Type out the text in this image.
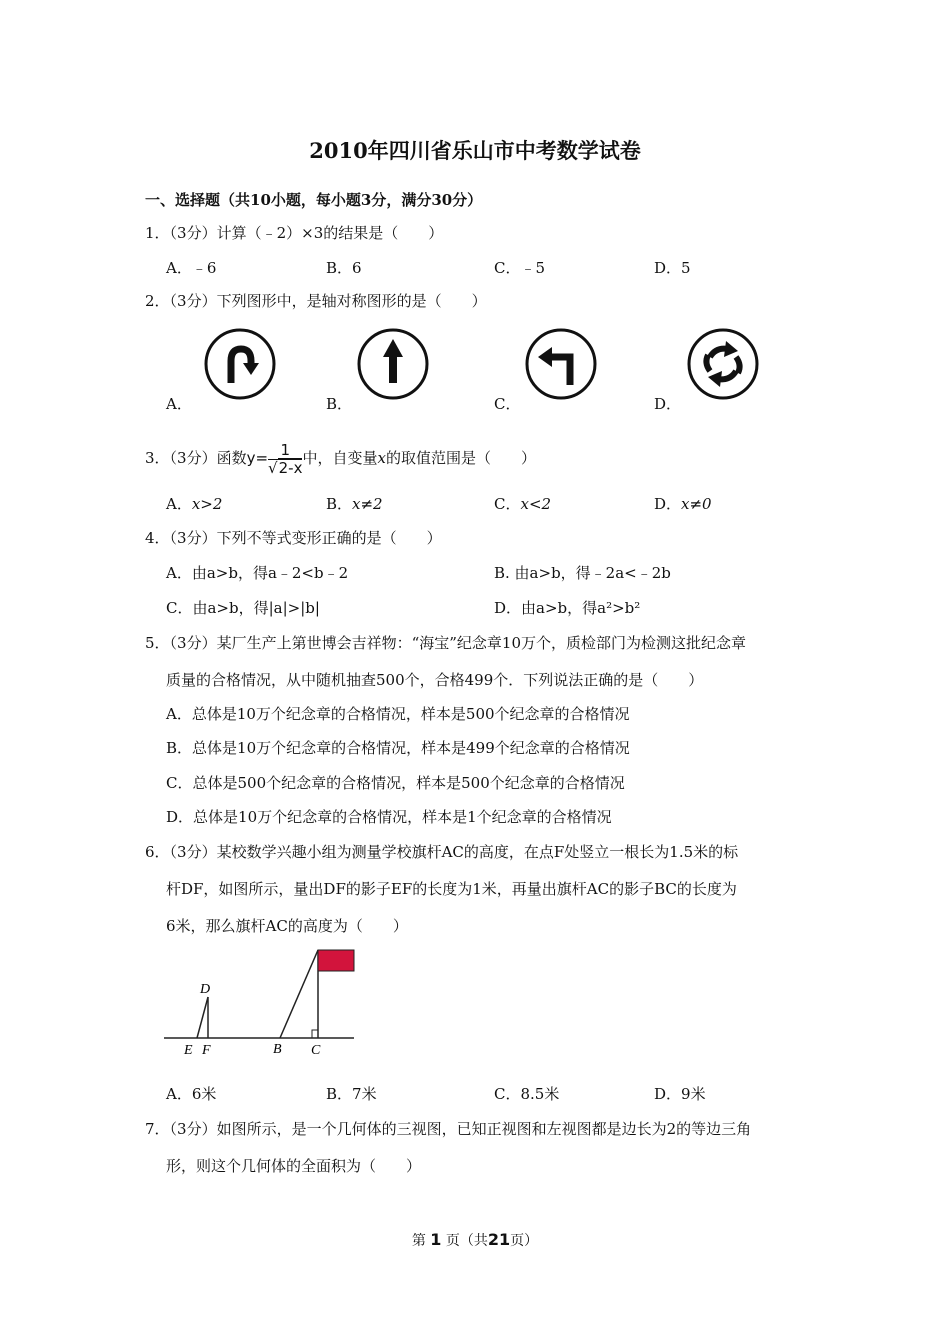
2010年四川省乐山市中考数学试卷
一、选择题（共10小题，每小题3分，满分30分）
1．（3分）计算（﹣2）×3的结果是（　　）
A．﹣6	B．6	C．﹣5	D．5
2．（3分）下列图形中，是轴对称图形的是（　　）
A．	B．	C．	D．
3．（3分）函数$y= \frac{1}{√2-x}$ 中，自变量x的取值范围是（　　）
A．x>2	B．x≠2	C．x<2	D．x≠0
4．（3分）下列不等式变形正确的是（　　）
A．由a>b，得a﹣2<b﹣2	B. 由a>b，得﹣2a<﹣2b
C．由a>b，得|a|>|b|	D．由a>b，得a²>b²
5．（3分）某厂生产上第世博会吉祥物：“海宝”纪念章10万个，质检部门为检测这批纪念章
质量的合格情况，从中随机抽查500个，合格499个．下列说法正确的是（　　）
A．总体是10万个纪念章的合格情况，样本是500个纪念章的合格情况
B．总体是10万个纪念章的合格情况，样本是499个纪念章的合格情况
C．总体是500个纪念章的合格情况，样本是500个纪念章的合格情况
D．总体是10万个纪念章的合格情况，样本是1个纪念章的合格情况
6．（3分）某校数学兴趣小组为测量学校旗杆AC的高度，在点F处竖立一根长为1.5米的标
杆DF，如图所示，量出DF的影子EF的长度为1米，再量出旗杆AC的影子BC的长度为
6米，那么旗杆AC的高度为（　　）
D
E F	B C
A．6米	B．7米	C．8.5米	D．9米
7．（3分）如图所示，是一个几何体的三视图，已知正视图和左视图都是边长为2的等边三角
形，则这个几何体的全面积为（　　）
第 1 页（共21页）
